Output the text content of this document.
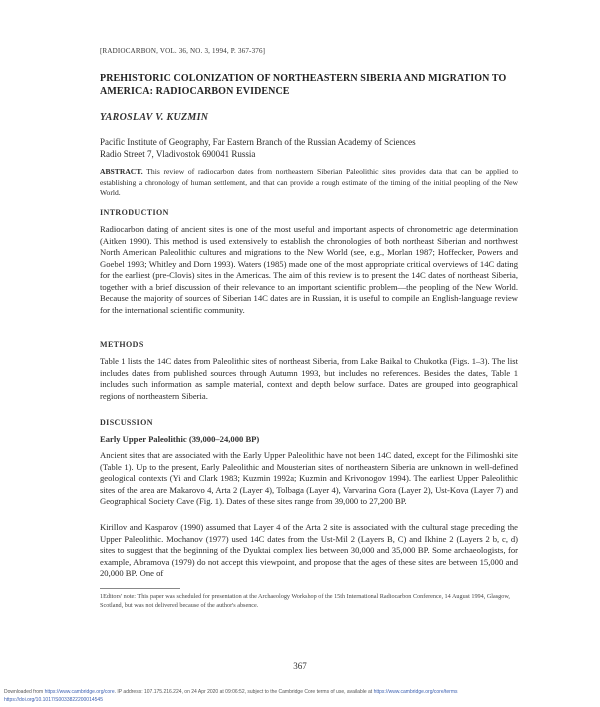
[RADIOCARBON, VOL. 36, NO. 3, 1994, P. 367-376]
PREHISTORIC COLONIZATION OF NORTHEASTERN SIBERIA AND MIGRATION TO AMERICA: RADIOCARBON EVIDENCE
YAROSLAV V. KUZMIN
Pacific Institute of Geography, Far Eastern Branch of the Russian Academy of Sciences
Radio Street 7, Vladivostok 690041 Russia
ABSTRACT. This review of radiocarbon dates from northeastern Siberian Paleolithic sites provides data that can be applied to establishing a chronology of human settlement, and that can provide a rough estimate of the timing of the initial peopling of the New World.
INTRODUCTION
Radiocarbon dating of ancient sites is one of the most useful and important aspects of chronometric age determination (Aitken 1990). This method is used extensively to establish the chronologies of both northeast Siberian and northwest North American Paleolithic cultures and migrations to the New World (see, e.g., Morlan 1987; Hoffecker, Powers and Goebel 1993; Whitley and Dorn 1993). Waters (1985) made one of the most appropriate critical overviews of 14C dating for the earliest (pre-Clovis) sites in the Americas. The aim of this review is to present the 14C dates of northeast Siberia, together with a brief discussion of their relevance to an important scientific problem—the peopling of the New World. Because the majority of sources of Siberian 14C dates are in Russian, it is useful to compile an English-language review for the international scientific community.
METHODS
Table 1 lists the 14C dates from Paleolithic sites of northeast Siberia, from Lake Baikal to Chukotka (Figs. 1–3). The list includes dates from published sources through Autumn 1993, but includes no references. Besides the dates, Table 1 includes such information as sample material, context and depth below surface. Dates are grouped into geographical regions of northeastern Siberia.
DISCUSSION
Early Upper Paleolithic (39,000–24,000 BP)
Ancient sites that are associated with the Early Upper Paleolithic have not been 14C dated, except for the Filimoshki site (Table 1). Up to the present, Early Paleolithic and Mousterian sites of northeastern Siberia are unknown in well-defined geological contexts (Yi and Clark 1983; Kuzmin 1992a; Kuzmin and Krivonogov 1994). The earliest Upper Paleolithic sites of the area are Makarovo 4, Arta 2 (Layer 4), Tolbaga (Layer 4), Varvarina Gora (Layer 2), Ust-Kova (Layer 7) and Geographical Society Cave (Fig. 1). Dates of these sites range from 39,000 to 27,200 BP.
Kirillov and Kasparov (1990) assumed that Layer 4 of the Arta 2 site is associated with the cultural stage preceding the Upper Paleolithic. Mochanov (1977) used 14C dates from the Ust-Mil 2 (Layers B, C) and Ikhine 2 (Layers 2 b, c, d) sites to suggest that the beginning of the Dyuktai complex lies between 30,000 and 35,000 BP. Some archaeologists, for example, Abramova (1979) do not accept this viewpoint, and propose that the ages of these sites are between 15,000 and 20,000 BP. One of
1Editors' note: This paper was scheduled for presentation at the Archaeology Workshop of the 15th International Radiocarbon Conference, 14 August 1994, Glasgow, Scotland, but was not delivered because of the author's absence.
367
Downloaded from https://www.cambridge.org/core. IP address: 107.175.216.224, on 24 Apr 2020 at 09:06:52, subject to the Cambridge Core terms of use, available at https://www.cambridge.org/core/terms
https://doi.org/10.1017/S0033822200014545
